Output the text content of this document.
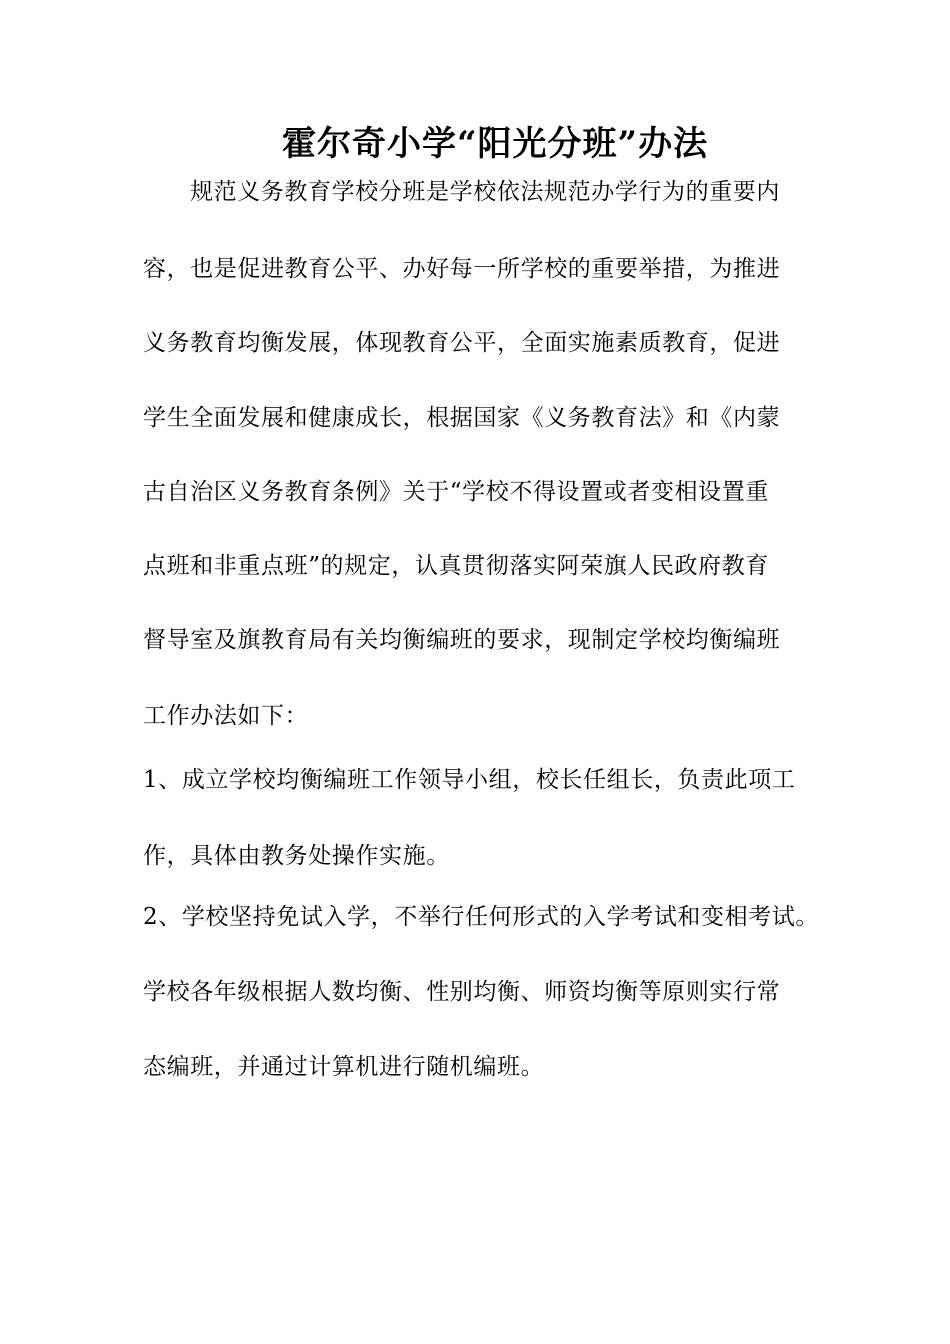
霍尔奇小学“阳光分班”办法
规范义务教育学校分班是学校依法规范办学行为的重要内
容，也是促进教育公平、办好每一所学校的重要举措，为推进
义务教育均衡发展，体现教育公平，全面实施素质教育，促进
学生全面发展和健康成长，根据国家《义务教育法》和《内蒙
古自治区义务教育条例》关于“学校不得设置或者变相设置重
点班和非重点班”的规定，认真贯彻落实阿荣旗人民政府教育
督导室及旗教育局有关均衡编班的要求，现制定学校均衡编班
工作办法如下：
1、成立学校均衡编班工作领导小组，校长任组长，负责此项工
作，具体由教务处操作实施。
2、学校坚持免试入学，不举行任何形式的入学考试和变相考试。
学校各年级根据人数均衡、性别均衡、师资均衡等原则实行常
态编班，并通过计算机进行随机编班。
